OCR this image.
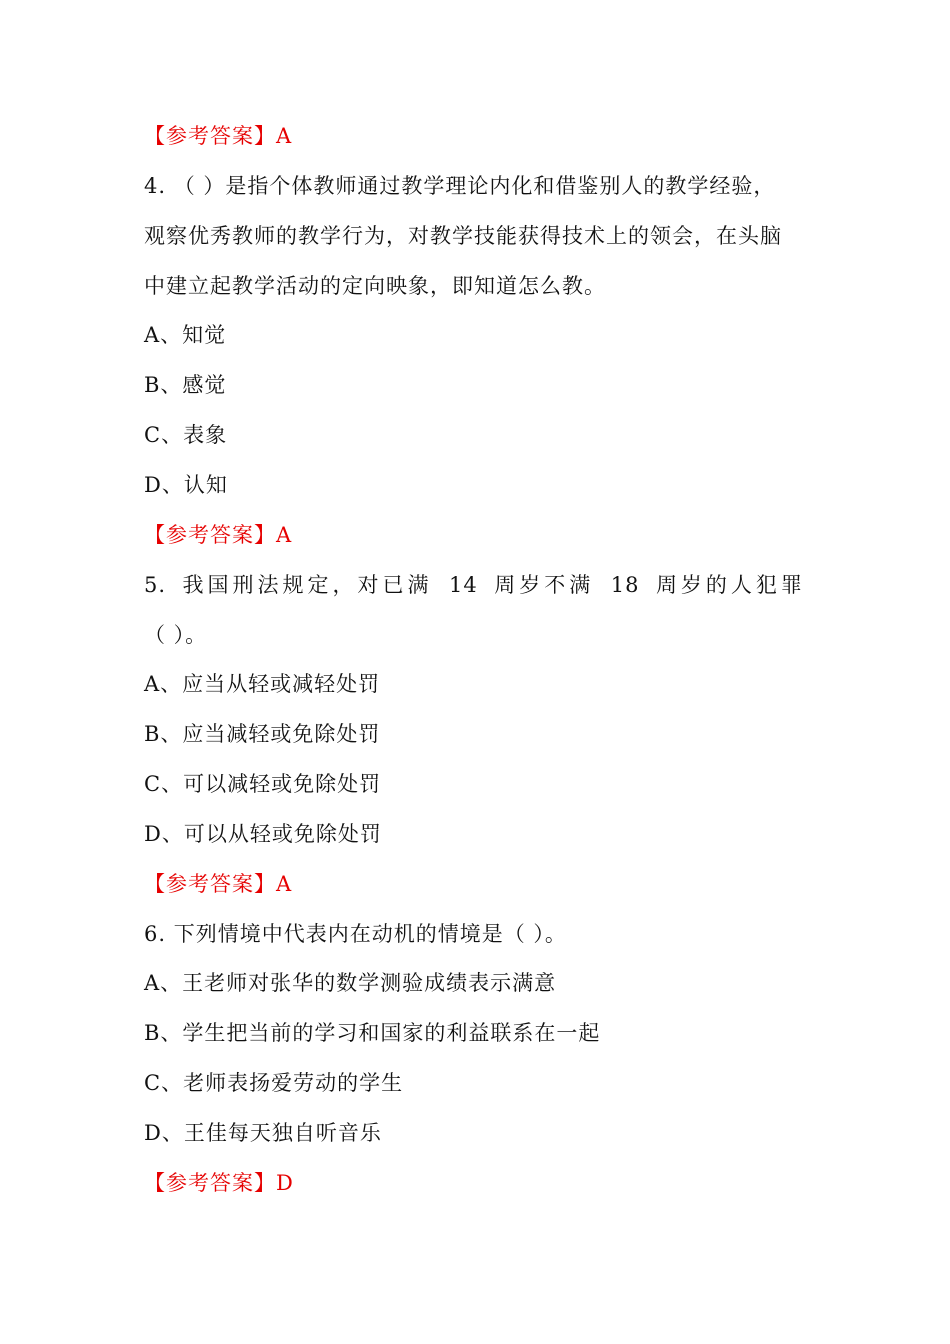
【参考答案】A
4. （ ）是指个体教师通过教学理论内化和借鉴别人的教学经验，
观察优秀教师的教学行为，对教学技能获得技术上的领会，在头脑
中建立起教学活动的定向映象，即知道怎么教。
A、知觉
B、感觉
C、表象
D、认知
【参考答案】A
5. 我国刑法规定，对已满 14 周岁不满 18 周岁的人犯罪
（ ）。
A、应当从轻或减轻处罚
B、应当减轻或免除处罚
C、可以减轻或免除处罚
D、可以从轻或免除处罚
【参考答案】A
6. 下列情境中代表内在动机的情境是（ ）。
A、王老师对张华的数学测验成绩表示满意
B、学生把当前的学习和国家的利益联系在一起
C、老师表扬爱劳动的学生
D、王佳每天独自听音乐
【参考答案】D
